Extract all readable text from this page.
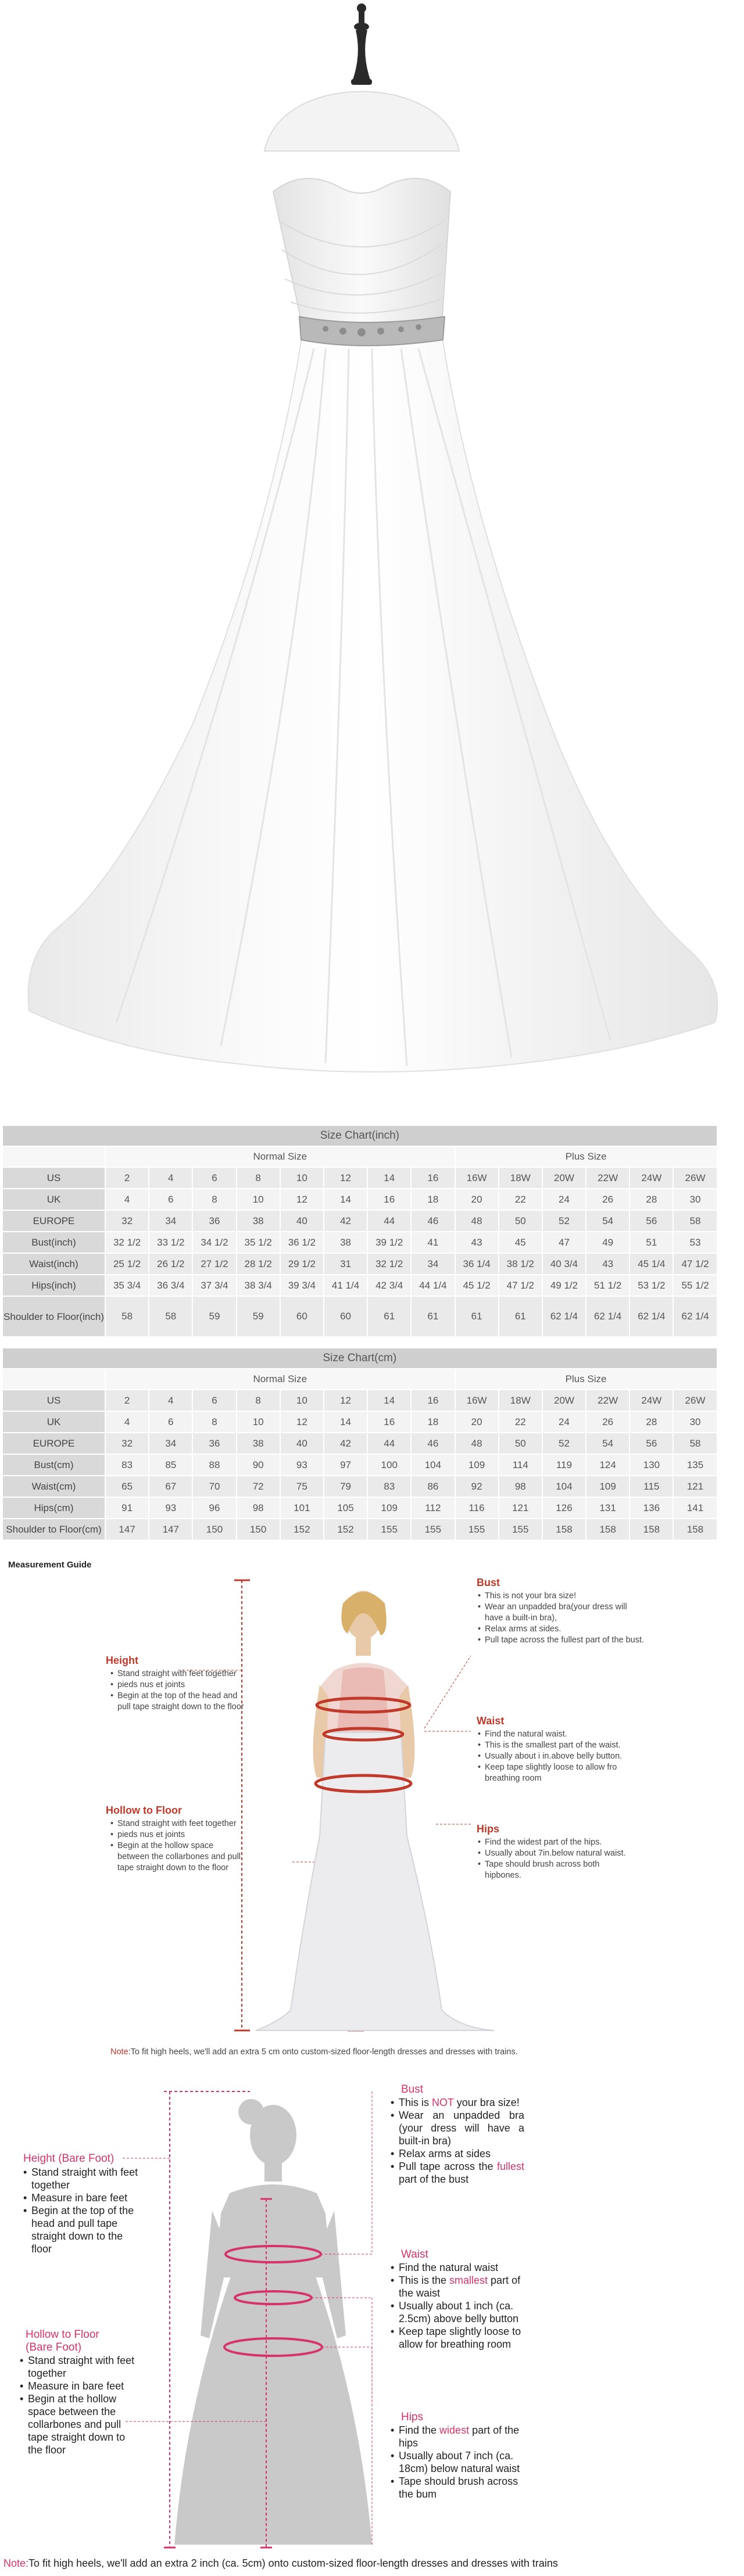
Size Chart(inch)														
	Normal Size								Plus Size					
US	2	4	6	8	10	12	14	16	16W	18W	20W	22W	24W	26W
UK	4	6	8	10	12	14	16	18	20	22	24	26	28	30
EUROPE	32	34	36	38	40	42	44	46	48	50	52	54	56	58
Bust(inch)	32 1/2	33 1/2	34 1/2	35 1/2	36 1/2	38	39 1/2	41	43	45	47	49	51	53
Waist(inch)	25 1/2	26 1/2	27 1/2	28 1/2	29 1/2	31	32 1/2	34	36 1/4	38 1/2	40 3/4	43	45 1/4	47 1/2
Hips(inch)	35 3/4	36 3/4	37 3/4	38 3/4	39 3/4	41 1/4	42 3/4	44 1/4	45 1/2	47 1/2	49 1/2	51 1/2	53 1/2	55 1/2
Shoulder to Floor(inch)	58	58	59	59	60	60	61	61	61	61	62 1/4	62 1/4	62 1/4	62 1/4
Size Chart(cm)														
	Normal Size								Plus Size					
US	2	4	6	8	10	12	14	16	16W	18W	20W	22W	24W	26W
UK	4	6	8	10	12	14	16	18	20	22	24	26	28	30
EUROPE	32	34	36	38	40	42	44	46	48	50	52	54	56	58
Bust(cm)	83	85	88	90	93	97	100	104	109	114	119	124	130	135
Waist(cm)	65	67	70	72	75	79	83	86	92	98	104	109	115	121
Hips(cm)	91	93	96	98	101	105	109	112	116	121	126	131	136	141
Shoulder to Floor(cm)	147	147	150	150	152	152	155	155	155	155	158	158	158	158
Measurement Guide
Height
• Stand straight with feet together
• pieds nus et joints
• Begin at the top of the head and pull tape straight down to the floor
Hollow to Floor
• Stand straight with feet together
• pieds nus et joints
• Begin at the hollow space between the collarbones and pull tape straight down to the floor
Bust
• This is not your bra size!
• Wear an unpadded bra(your dress will have a built-in bra),
• Relax arms at sides.
• Pull tape across the fullest part of the bust.
Waist
• Find the natural waist.
• This is the smallest part of the waist.
• Usually about i in.above belly button.
• Keep tape slightly loose to allow fro breathing room
Hips
• Find the widest part of the hips.
• Usually about 7in.below natural waist.
• Tape should brush across both hipbones.
Note:To fit high heels, we'll add an extra 5 cm onto custom-sized floor-length dresses and dresses with trains.
Height (Bare Foot)
• Stand straight with feet together
• Measure in bare feet
• Begin at the top of the head and pull tape straight down to the floor
Hollow to Floor
(Bare Foot)
• Stand straight with feet together
• Measure in bare feet
• Begin at the hollow space between the collarbones and pull tape straight down to the floor
Bust
• This is NOT your bra size!
• Wear an unpadded bra (your dress will have a built-in bra)
• Relax arms at sides
• Pull tape across the fullest part of the bust
Waist
• Find the natural waist
• This is the smallest part of the waist
• Usually about 1 inch (ca. 2.5cm) above belly button
• Keep tape slightly loose to allow for breathing room
Hips
• Find the widest part of the hips
• Usually about 7 inch (ca. 18cm) below natural waist
• Tape should brush across the bum
Note:To fit high heels, we'll add an extra 2 inch (ca. 5cm) onto custom-sized floor-length dresses and dresses with trains
